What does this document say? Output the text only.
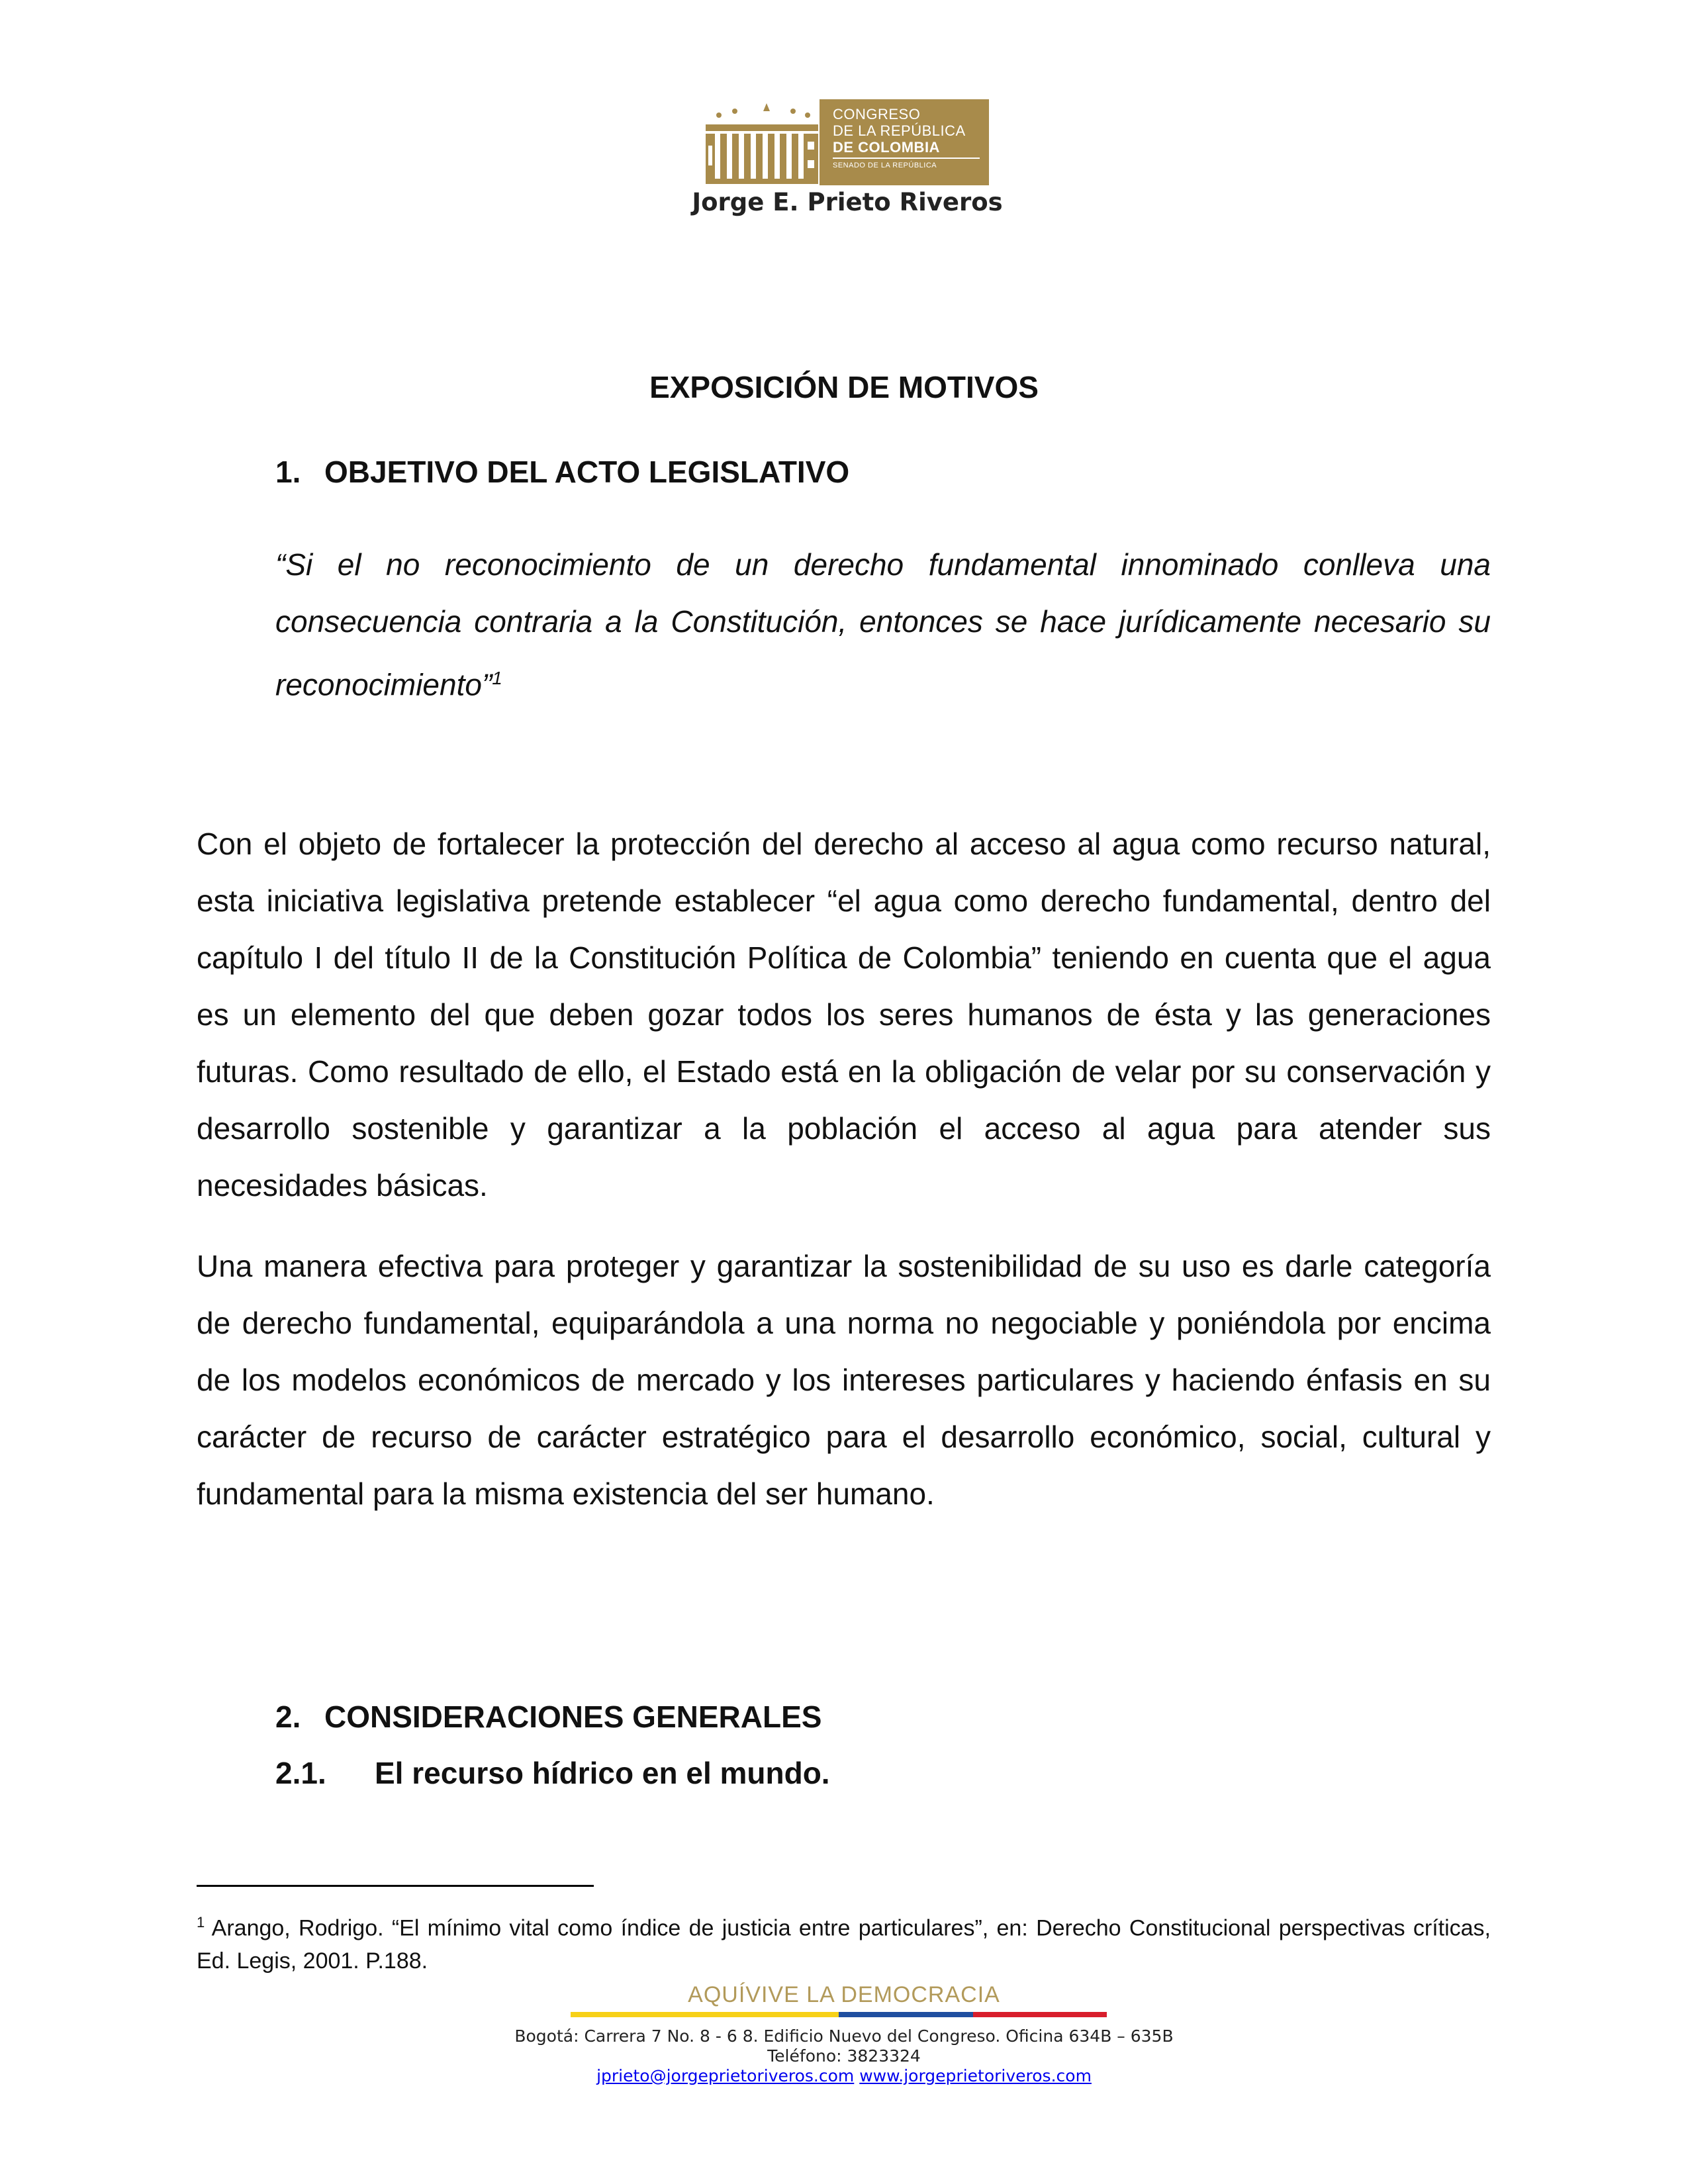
CONGRESO
DE LA REPÚBLICA
DE COLOMBIA
SENADO DE LA REPÚBLICA
Jorge E. Prieto Riveros
EXPOSICIÓN DE MOTIVOS
1. OBJETIVO DEL ACTO LEGISLATIVO
“Si el no reconocimiento de un derecho fundamental innominado conlleva una consecuencia contraria a la Constitución, entonces se hace jurídicamente necesario su reconocimiento”$^1$

Con el objeto de fortalecer la protección del derecho al acceso al agua como recurso natural, esta iniciativa legislativa pretende establecer “el agua como derecho fundamental, dentro del capítulo I del título II de la Constitución Política de Colombia” teniendo en cuenta que el agua es un elemento del que deben gozar todos los seres humanos de ésta y las generaciones futuras. Como resultado de ello, el Estado está en la obligación de velar por su conservación y desarrollo sostenible y garantizar a la población el acceso al agua para atender sus necesidades básicas.

Una manera efectiva para proteger y garantizar la sostenibilidad de su uso es darle categoría de derecho fundamental, equiparándola a una norma no negociable y poniéndola por encima de los modelos económicos de mercado y los intereses particulares y haciendo énfasis en su carácter de recurso de carácter estratégico para el desarrollo económico, social, cultural y fundamental para la misma existencia del ser humano.

2. CONSIDERACIONES GENERALES
2.1. El recurso hídrico en el mundo.
$^1$ Arango, Rodrigo. “El mínimo vital como índice de justicia entre particulares”, en: Derecho Constitucional perspectivas críticas, Ed. Legis, 2001. P.188.
AQUÍVIVE LA DEMOCRACIA
Bogotá: Carrera 7 No. 8 - 6 8. Edificio Nuevo del Congreso. Oficina 634B – 635B
Teléfono: 3823324
jprieto@jorgeprietoriveros.com www.jorgeprietoriveros.com
